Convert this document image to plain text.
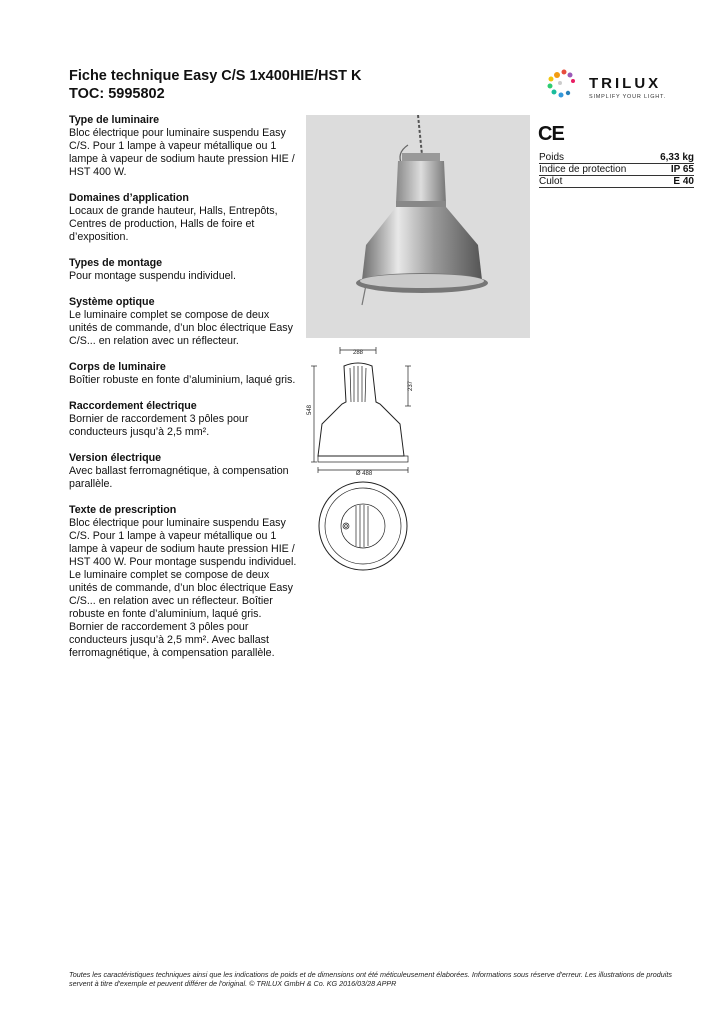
Fiche technique Easy C/S 1x400HIE/HST K
TOC: 5995802
TRILUX
SIMPLIFY YOUR LIGHT.
Type de luminaire

Bloc électrique pour luminaire suspendu Easy C/S. Pour 1 lampe à vapeur métallique ou 1 lampe à vapeur de sodium haute pression HIE / HST 400 W.

Domaines d’application

Locaux de grande hauteur, Halls, Entrepôts, Centres de production, Halls de foire et d’exposition.

Types de montage

Pour montage suspendu individuel.

Système optique

Le luminaire complet se compose de deux unités de commande, d’un bloc électrique Easy C/S... en relation avec un réflecteur.

Corps de luminaire

Boîtier robuste en fonte d’aluminium, laqué gris.

Raccordement électrique

Bornier de raccordement 3 pôles pour conducteurs jusqu’à 2,5 mm².

Version électrique

Avec ballast ferromagnétique, à compensation parallèle.

Texte de prescription

Bloc électrique pour luminaire suspendu Easy C/S. Pour 1 lampe à vapeur métallique ou 1 lampe à vapeur de sodium haute pression HIE / HST 400 W. Pour montage suspendu individuel. Le luminaire complet se compose de deux unités de commande, d’un bloc électrique Easy C/S... en relation avec un réflecteur. Boîtier robuste en fonte d’aluminium, laqué gris. Bornier de raccordement 3 pôles pour conducteurs jusqu’à 2,5 mm². Avec ballast ferromagnétique, à compensation parallèle.

CE
Poids	6,33 kg
Indice de protection	IP 65
Culot	E 40
288
237
548
Ø 488
Toutes les caractéristiques techniques ainsi que les indications de poids et de dimensions ont été méticuleusement élaborées. Informations sous réserve d'erreur. Les illustrations de produits servent à titre d'exemple et peuvent différer de l'original. © TRILUX GmbH & Co. KG 2016/03/28 APPR
